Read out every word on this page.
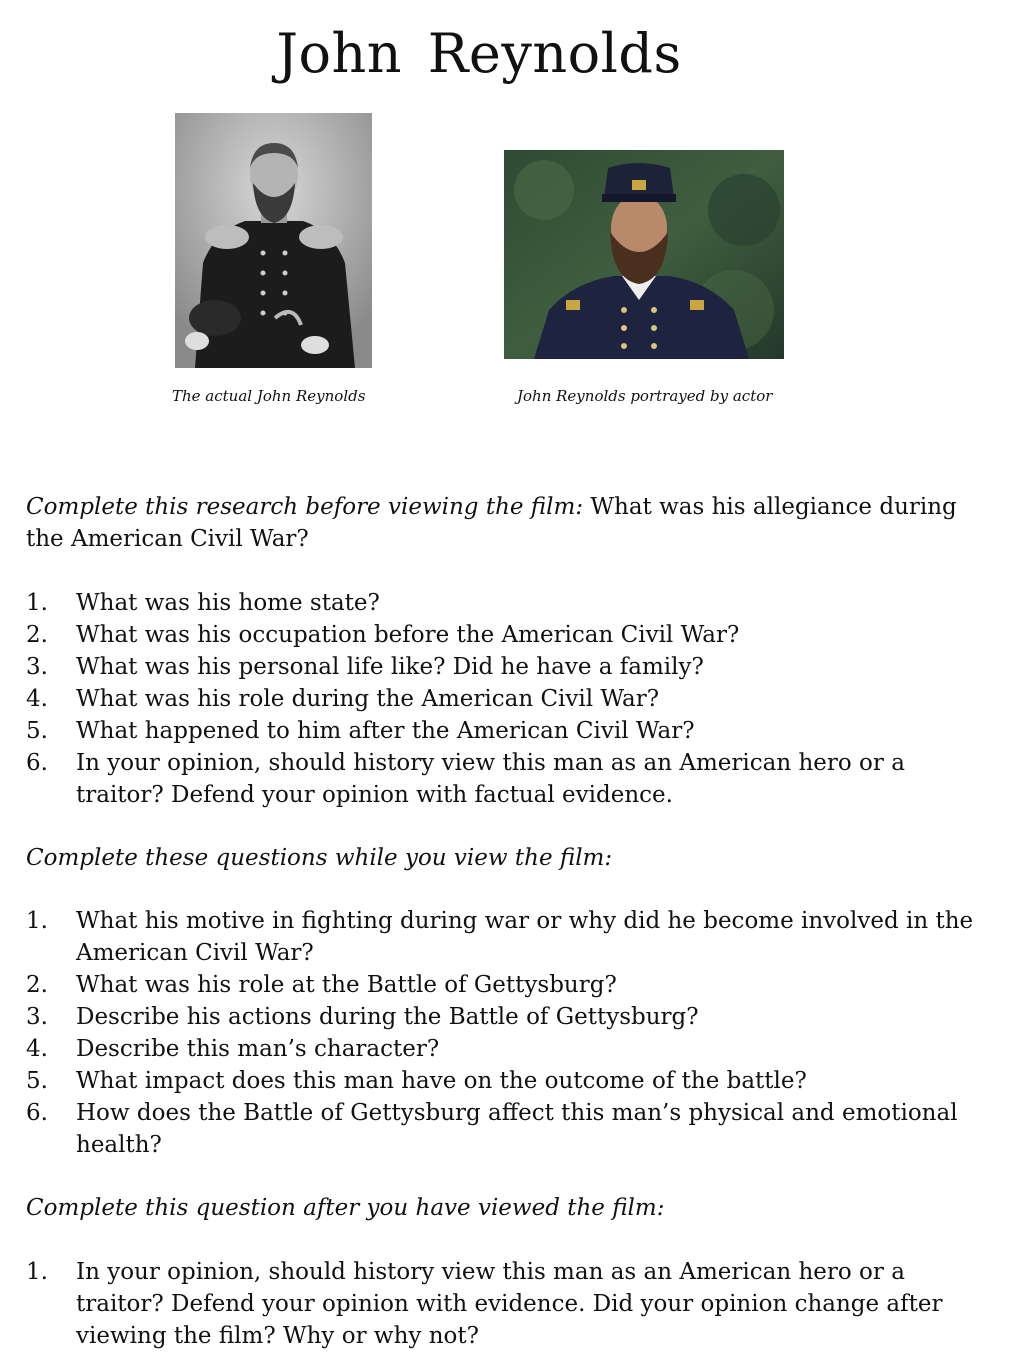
John Reynolds
The actual John Reynolds	John Reynolds portrayed by actor
Complete this research before viewing the film: What was his allegiance during the American Civil War?
1. What was his home state?
2. What was his occupation before the American Civil War?
3. What was his personal life like? Did he have a family?
4. What was his role during the American Civil War?
5. What happened to him after the American Civil War?
6. In your opinion, should history view this man as an American hero or a traitor? Defend your opinion with factual evidence.
Complete these questions while you view the film:
1. What his motive in fighting during war or why did he become involved in the American Civil War?
2. What was his role at the Battle of Gettysburg?
3. Describe his actions during the Battle of Gettysburg?
4. Describe this man’s character?
5. What impact does this man have on the outcome of the battle?
6. How does the Battle of Gettysburg affect this man’s physical and emotional health?
Complete this question after you have viewed the film:
1. In your opinion, should history view this man as an American hero or a traitor? Defend your opinion with evidence. Did your opinion change after viewing the film? Why or why not?
